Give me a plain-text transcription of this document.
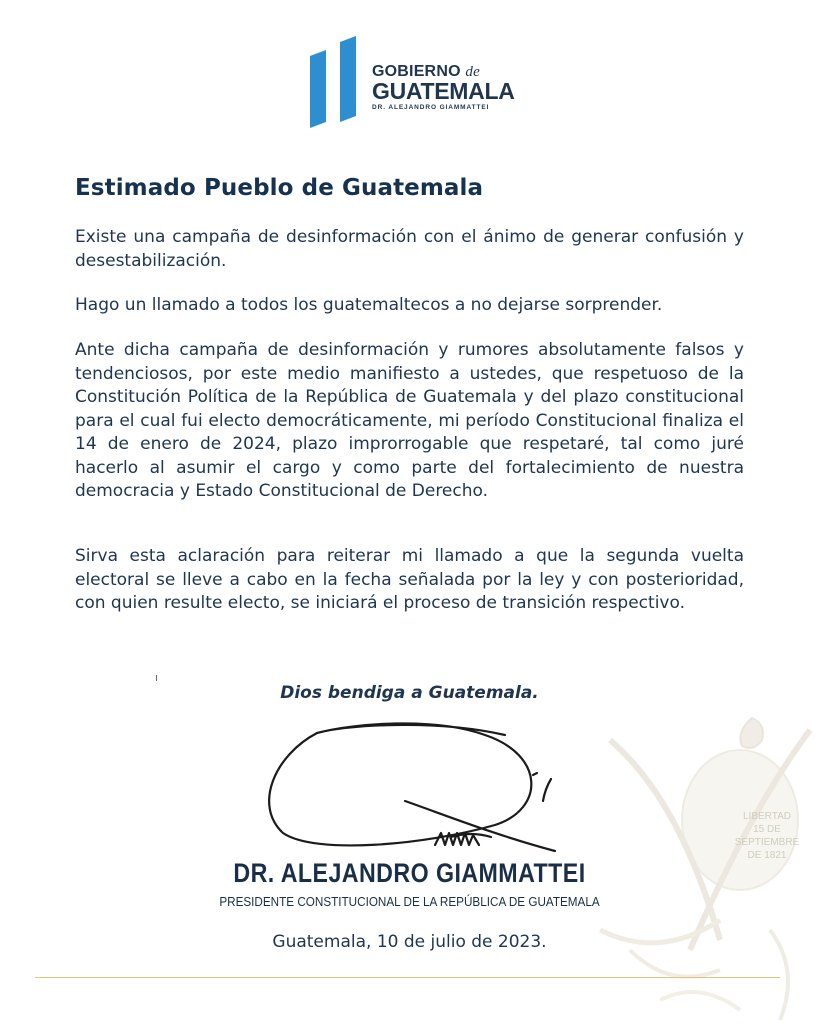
GOBIERNO de
GUATEMALA
DR. ALEJANDRO GIAMMATTEI
Estimado Pueblo de Guatemala

Existe una campaña de desinformación con el ánimo de generar confusión y desestabilización.

Hago un llamado a todos los guatemaltecos a no dejarse sorprender.

Ante dicha campaña de desinformación y rumores absolutamente falsos y tendenciosos, por este medio manifiesto a ustedes, que respetuoso de la Constitución Política de la República de Guatemala y del plazo constitucional para el cual fui electo democráticamente, mi período Constitucional finaliza el 14 de enero de 2024, plazo improrrogable que respetaré, tal como juré hacerlo al asumir el cargo y como parte del fortalecimiento de nuestra democracia y Estado Constitucional de Derecho.

Sirva esta aclaración para reiterar mi llamado a que la segunda vuelta electoral se lleve a cabo en la fecha señalada por la ley y con posterioridad, con quien resulte electo, se iniciará el proceso de transición respectivo.

LIBERTAD
15 DE
SEPTIEMBRE
DE 1821
Dios bendiga a Guatemala.
DR. ALEJANDRO GIAMMATTEI
PRESIDENTE CONSTITUCIONAL DE LA REPÚBLICA DE GUATEMALA
Guatemala, 10 de julio de 2023.
